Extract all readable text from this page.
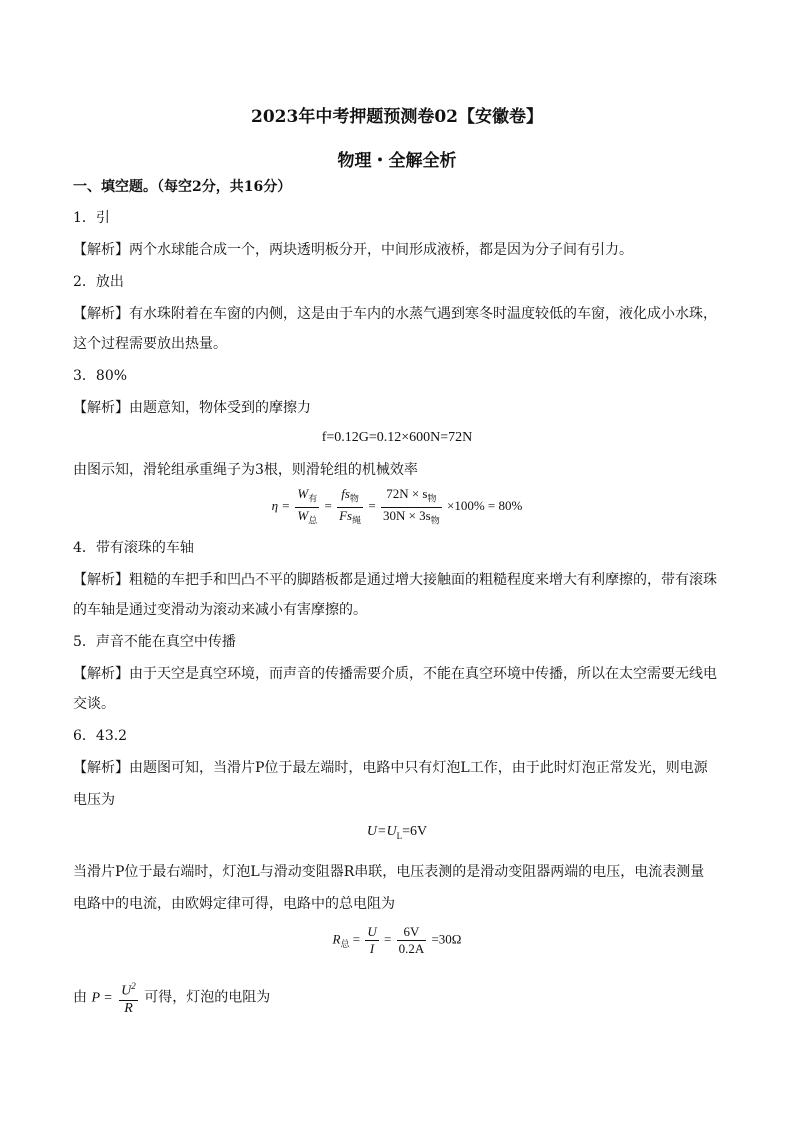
2023年中考押题预测卷02【安徽卷】
物理・全解全析
一、填空题。（每空2分，共16分）
1．引
【解析】两个水球能合成一个，两块透明板分开，中间形成液桥，都是因为分子间有引力。
2．放出
【解析】有水珠附着在车窗的内侧，这是由于车内的水蒸气遇到寒冬时温度较低的车窗，液化成小水珠，
这个过程需要放出热量。
3．80%
【解析】由题意知，物体受到的摩擦力
f=0.12G=0.12×600N=72N
由图示知，滑轮组承重绳子为3根，则滑轮组的机械效率
$\eta = \frac{W_有}{W_总} = \frac{fs_物}{Fs_绳} = \frac{72N \times s_物}{30N \times 3s_物} \times 100\% = 80\%$
4．带有滚珠的车轴
【解析】粗糙的车把手和凹凸不平的脚踏板都是通过增大接触面的粗糙程度来增大有利摩擦的，带有滚珠
的车轴是通过变滑动为滚动来减小有害摩擦的。
5．声音不能在真空中传播
【解析】由于天空是真空环境，而声音的传播需要介质，不能在真空环境中传播，所以在太空需要无线电
交谈。
6．43.2
【解析】由题图可知，当滑片P位于最左端时，电路中只有灯泡L工作，由于此时灯泡正常发光，则电源
电压为
$U=U_L=6V$
当滑片P位于最右端时，灯泡L与滑动变阻器R串联，电压表测的是滑动变阻器两端的电压，电流表测量
电路中的电流，由欧姆定律可得，电路中的总电阻为
$R_总 = \frac{U}{I} = \frac{6V}{0.2A} =30\Omega$
由 $P = \frac{U^2}{R}$ 可得，灯泡的电阻为
